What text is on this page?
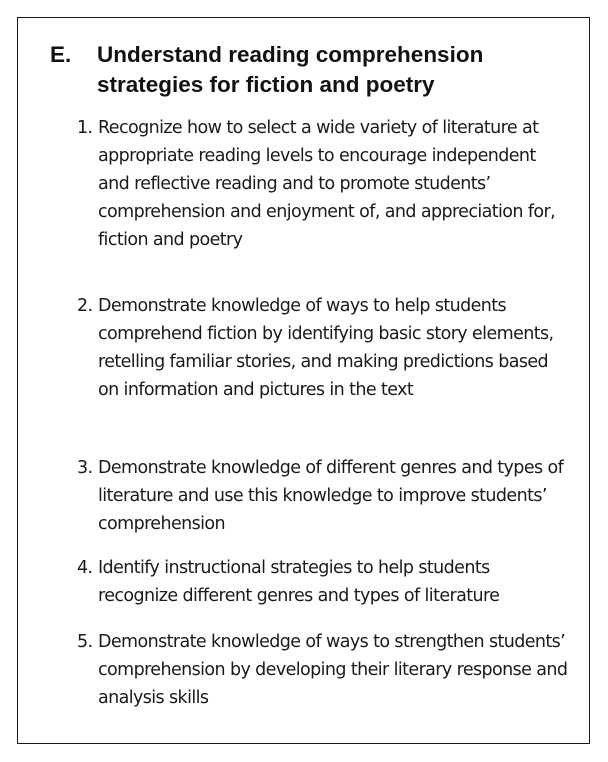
E. Understand reading comprehension strategies for fiction and poetry
1. Recognize how to select a wide variety of literature at appropriate reading levels to encourage independent and reflective reading and to promote students’ comprehension and enjoyment of, and appreciation for, fiction and poetry
2. Demonstrate knowledge of ways to help students comprehend fiction by identifying basic story elements, retelling familiar stories, and making predictions based on information and pictures in the text
3. Demonstrate knowledge of different genres and types of literature and use this knowledge to improve students’ comprehension
4. Identify instructional strategies to help students recognize different genres and types of literature
5. Demonstrate knowledge of ways to strengthen students’ comprehension by developing their literary response and analysis skills
